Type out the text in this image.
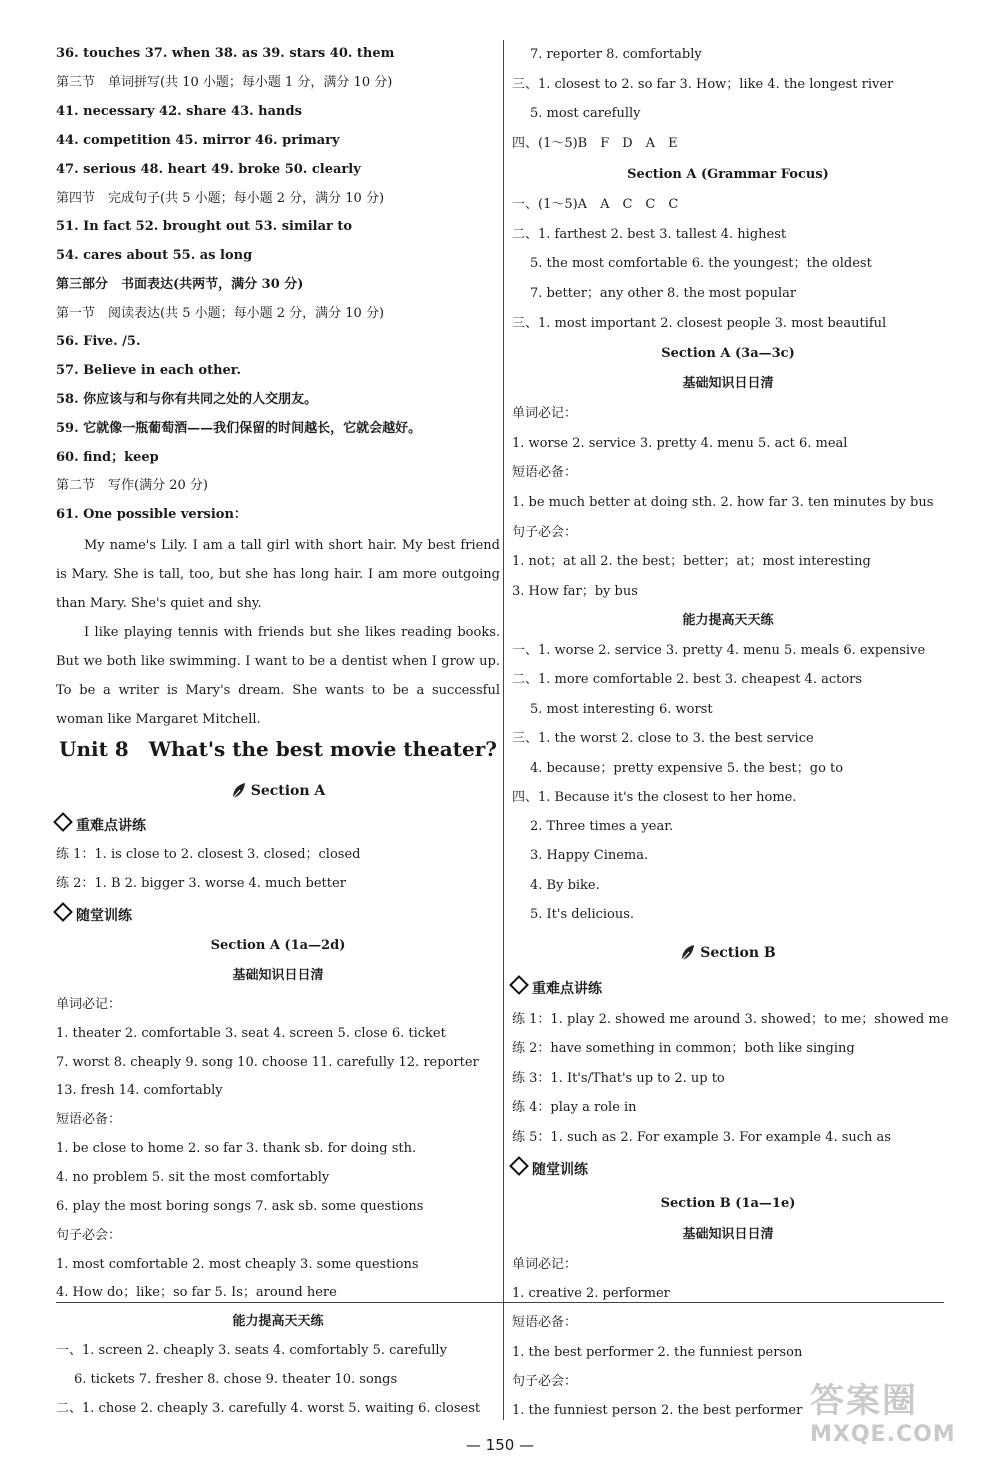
36. touches 37. when 38. as 39. stars 40. them
第三节　单词拼写(共 10 小题；每小题 1 分，满分 10 分)
41. necessary 42. share 43. hands
44. competition 45. mirror 46. primary
47. serious 48. heart 49. broke 50. clearly
第四节　完成句子(共 5 小题；每小题 2 分，满分 10 分)
51. In fact 52. brought out 53. similar to
54. cares about 55. as long
第三部分　书面表达(共两节，满分 30 分)
第一节　阅读表达(共 5 小题；每小题 2 分，满分 10 分)
56. Five. /5.
57. Believe in each other.
58. 你应该与和与你有共同之处的人交朋友。
59. 它就像一瓶葡萄酒——我们保留的时间越长，它就会越好。
60. find；keep
第二节　写作(满分 20 分)
61. One possible version：

My name's Lily. I am a tall girl with short hair. My best friend is Mary. She is tall, too, but she has long hair. I am more outgoing than Mary. She's quiet and shy.

I like playing tennis with friends but she likes reading books. But we both like swimming. I want to be a dentist when I grow up. To be a writer is Mary's dream. She wants to be a successful woman like Margaret Mitchell.

Unit 8　What's the best movie theater?
Section A
重难点讲练
练 1：1. is close to 2. closest 3. closed；closed
练 2：1. B 2. bigger 3. worse 4. much better
随堂训练
Section A (1a—2d)
基础知识日日清
单词必记：
1. theater 2. comfortable 3. seat 4. screen 5. close 6. ticket
7. worst 8. cheaply 9. song 10. choose 11. carefully 12. reporter
13. fresh 14. comfortably
短语必备：
1. be close to home 2. so far 3. thank sb. for doing sth.
4. no problem 5. sit the most comfortably
6. play the most boring songs 7. ask sb. some questions
句子必会：
1. most comfortable 2. most cheaply 3. some questions
4. How do；like；so far 5. Is；around here
能力提高天天练
一、1. screen 2. cheaply 3. seats 4. comfortably 5. carefully
6. tickets 7. fresher 8. chose 9. theater 10. songs
二、1. chose 2. cheaply 3. carefully 4. worst 5. waiting 6. closest
7. reporter 8. comfortably
三、1. closest to 2. so far 3. How；like 4. the longest river
5. most carefully
四、(1～5)B　F　D　A　E
Section A (Grammar Focus)
一、(1～5)A　A　C　C　C
二、1. farthest 2. best 3. tallest 4. highest
5. the most comfortable 6. the youngest；the oldest
7. better；any other 8. the most popular
三、1. most important 2. closest people 3. most beautiful
Section A (3a—3c)
基础知识日日清
单词必记：
1. worse 2. service 3. pretty 4. menu 5. act 6. meal
短语必备：
1. be much better at doing sth. 2. how far 3. ten minutes by bus
句子必会：
1. not；at all 2. the best；better；at；most interesting
3. How far；by bus
能力提高天天练
一、1. worse 2. service 3. pretty 4. menu 5. meals 6. expensive
二、1. more comfortable 2. best 3. cheapest 4. actors
5. most interesting 6. worst
三、1. the worst 2. close to 3. the best service
4. because；pretty expensive 5. the best；go to
四、1. Because it's the closest to her home.
2. Three times a year.
3. Happy Cinema.
4. By bike.
5. It's delicious.
Section B
重难点讲练
练 1：1. play 2. showed me around 3. showed；to me；showed me
练 2：have something in common；both like singing
练 3：1. It's/That's up to 2. up to
练 4：play a role in
练 5：1. such as 2. For example 3. For example 4. such as
随堂训练
Section B (1a—1e)
基础知识日日清
单词必记：
1. creative 2. performer
短语必备：
1. the best performer 2. the funniest person
句子必会：
1. the funniest person 2. the best performer
— 150 —
答案圈
MXQE.COM
